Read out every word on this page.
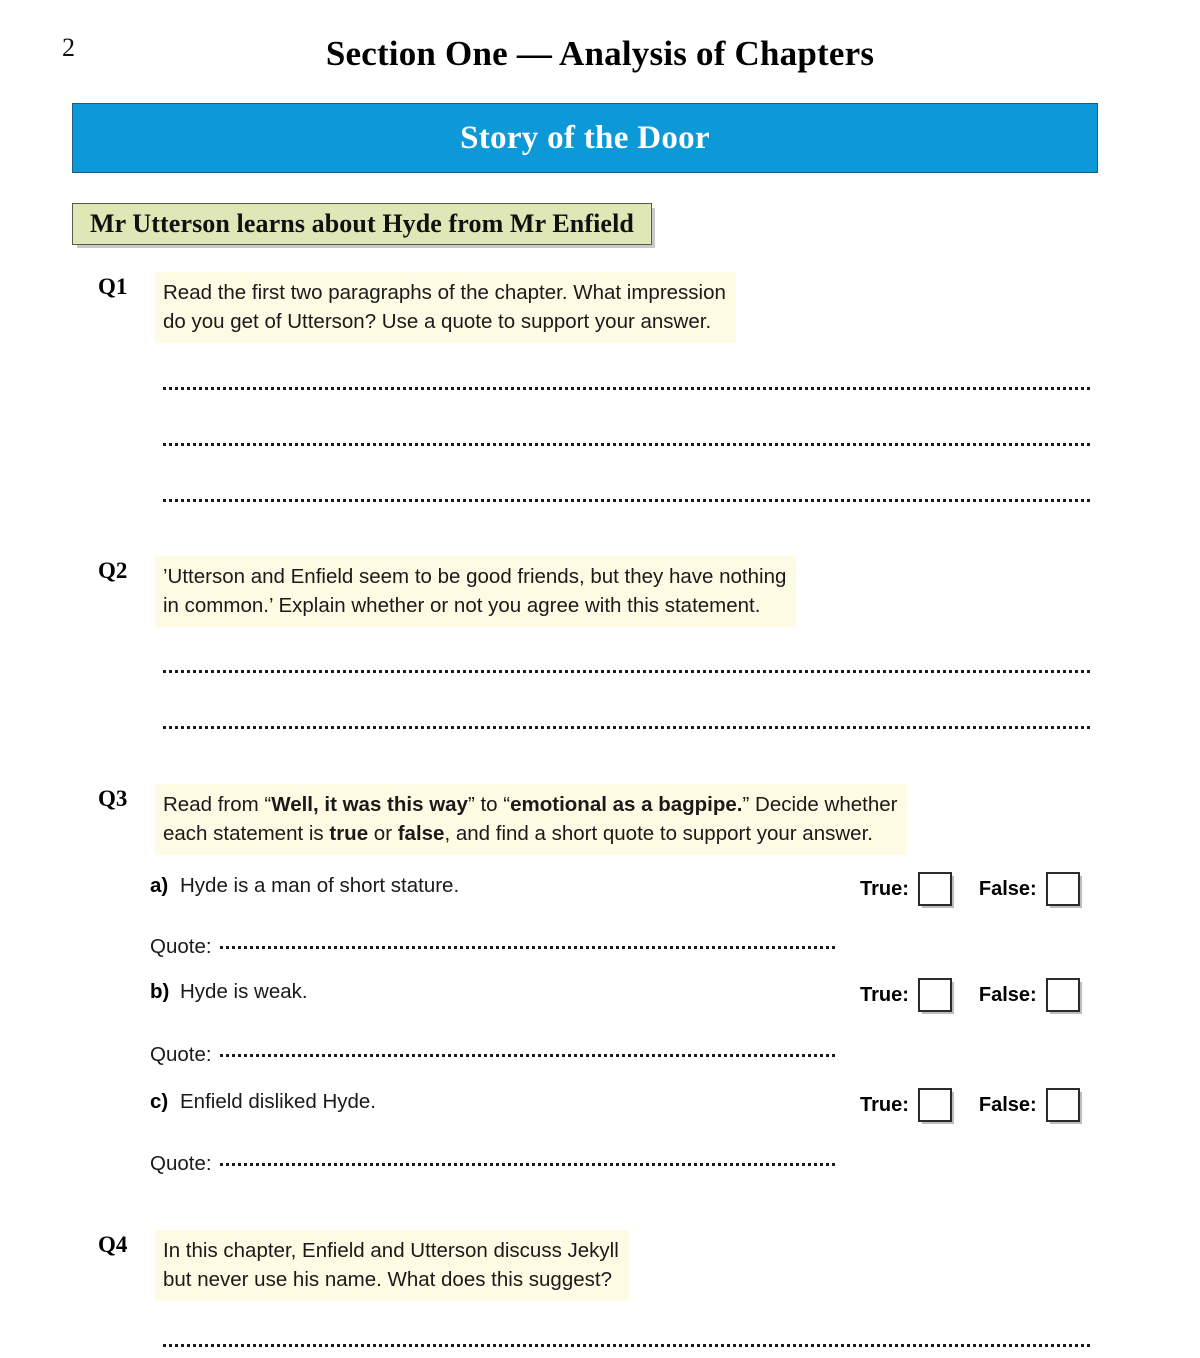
2	Section One — Analysis of Chapters
Story of the Door
Mr Utterson learns about Hyde from Mr Enfield
Q1	Read the first two paragraphs of the chapter. What impression
do you get of Utterson? Use a quote to support your answer.
Q2	’Utterson and Enfield seem to be good friends, but they have nothing
in common.’ Explain whether or not you agree with this statement.
Q3	Read from “Well, it was this way” to “emotional as a bagpipe.” Decide whether
each statement is true or false, and find a short quote to support your answer.
a) Hyde is a man of short stature.	True:	False:
Quote:
b) Hyde is weak.	True:	False:
Quote:
c) Enfield disliked Hyde.	True:	False:
Quote:
Q4	In this chapter, Enfield and Utterson discuss Jekyll
but never use his name. What does this suggest?
